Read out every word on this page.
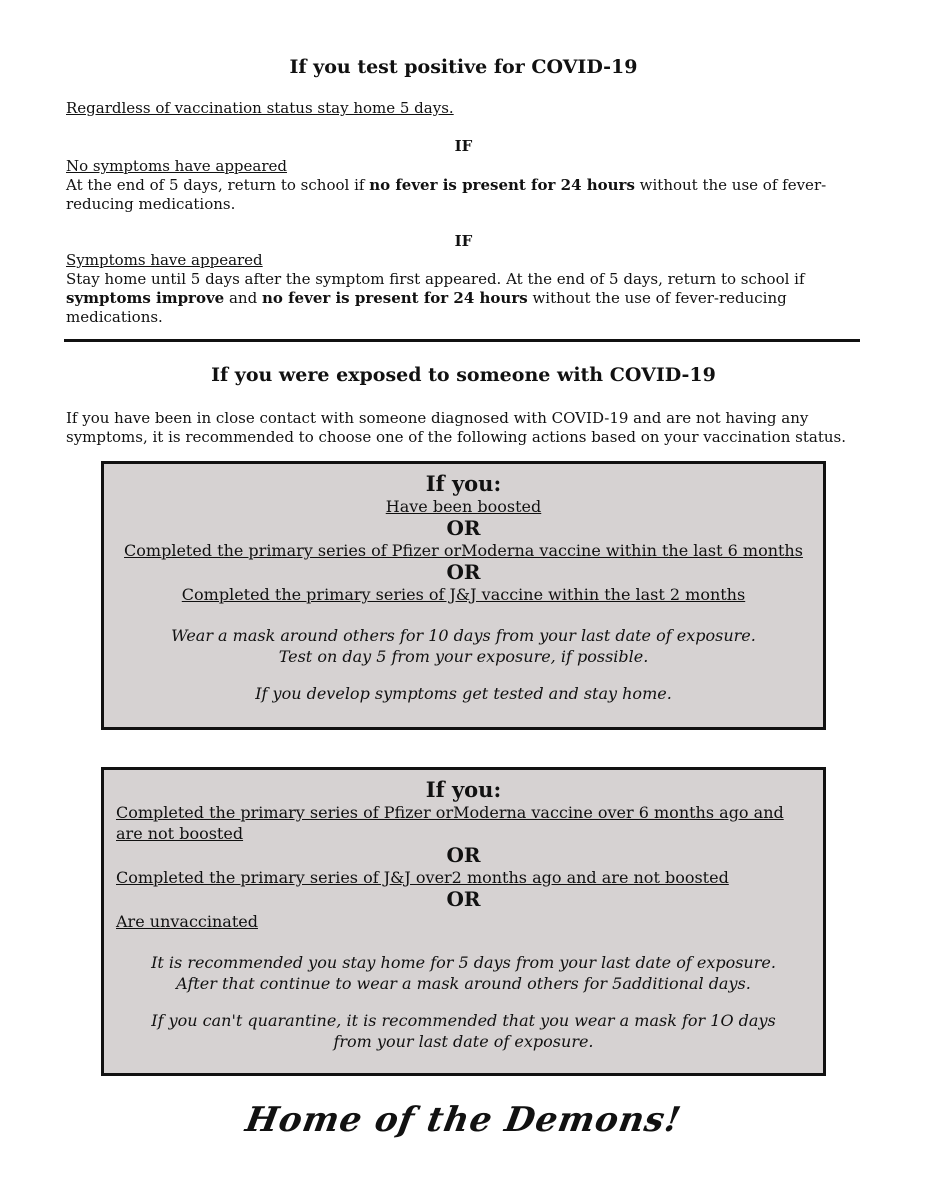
If you test positive for COVID-19
Regardless of vaccination status stay home 5 days.
IF
No symptoms have appeared
At the end of 5 days, return to school if no fever is present for 24 hours without the use of fever-reducing medications.
IF
Symptoms have appeared
Stay home until 5 days after the symptom first appeared. At the end of 5 days, return to school if symptoms improve and no fever is present for 24 hours without the use of fever-reducing medications.
If you were exposed to someone with COVID-19
If you have been in close contact with someone diagnosed with COVID-19 and are not having any symptoms, it is recommended to choose one of the following actions based on your vaccination status.
If you:
Have been boosted
OR
Completed the primary series of Pfizer orModerna vaccine within the last 6 months
OR
Completed the primary series of J&J vaccine within the last 2 months
Wear a mask around others for 10 days from your last date of exposure.
Test on day 5 from your exposure, if possible.
If you develop symptoms get tested and stay home.
If you:
Completed the primary series of Pfizer orModerna vaccine over 6 months ago and are not boosted
OR
Completed the primary series of J&J over2 months ago and are not boosted
OR
Are unvaccinated
It is recommended you stay home for 5 days from your last date of exposure.
After that continue to wear a mask around others for 5additional days.
If you can't quarantine, it is recommended that you wear a mask for 1O days from your last date of exposure.
Home of the Demons!
